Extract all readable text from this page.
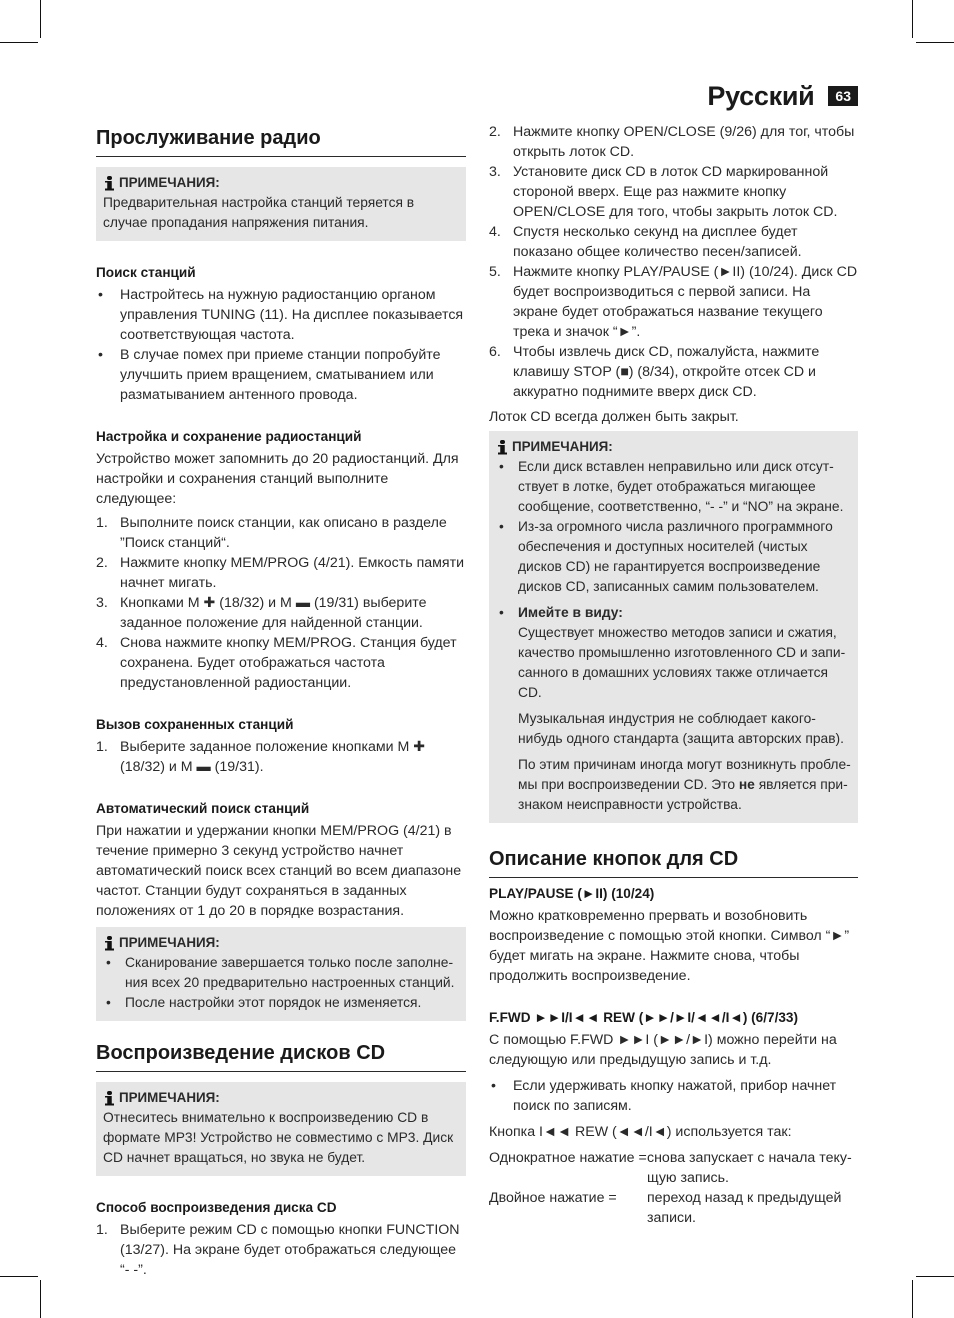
Русский	63
Прослуживание радио
ПРИМЕЧАНИЯ:

Предварительная настройка станций теряется в случае пропадания напряжения питания.

Поиск станций
• Настройтесь на нужную радиостанцию органом управления TUNING (11). На дисплее показывается соответствующая частота.
• В случае помех при приеме станции попробуйте улучшить прием вращением, сматыванием или разматыванием антенного провода.
Настройка и сохранение радиостанций

Устройство может запомнить до 20 радиостанций. Для настройки и сохранения станций выполните следующее:

1. Выполните поиск станции, как описано в разделе ”Поиск станций“.
2. Нажмите кнопку MEM/PROG (4/21). Емкость памяти начнет мигать.
3. Кнопками M ✚ (18/32) и M ▬ (19/31) выберите заданное положение для найденной станции.
4. Снова нажмите кнопку MEM/PROG. Станция будет сохранена. Будет отображаться частота предустановленной радиостанции.
Вызов сохраненных станций
1. Выберите заданное положение кнопками M ✚ (18/32) и M ▬ (19/31).
Автоматический поиск станций

При нажатии и удержании кнопки MEM/PROG (4/21) в течение примерно 3 секунд устройство начнет автоматический поиск всех станций во всем диапазоне частот. Станции будут сохраняться в заданных положениях от 1 до 20 в порядке возрастания.

ПРИМЕЧАНИЯ:
• Сканирование завершается только после заполнения всех 20 предварительно настроенных станций.
• После настройки этот порядок не изменяется.
Воспроизведение дисков CD
ПРИМЕЧАНИЯ:

Отнеситесь внимательно к воспроизведению CD в формате MP3! Устройство не совместимо с MP3. Диск CD начнет вращаться, но звука не будет.

Способ воспроизведения диска CD
1. Выберите режим CD с помощью кнопки FUNCTION (13/27). На экране будет отображаться следующее “- -”.
2. Нажмите кнопку OPEN/CLOSE (9/26) для тог, чтобы открыть лоток CD.
3. Установите диск CD в лоток CD маркированной стороной вверх. Еще раз нажмите кнопку OPEN/CLOSE для того, чтобы закрыть лоток CD.
4. Спустя несколько секунд на дисплее будет показано общее количество песен/записей.
5. Нажмите кнопку PLAY/PAUSE (►II) (10/24). Диск CD будет воспроизводиться с первой записи. На экране будет отображаться название текущего трека и значок “►”.
6. Чтобы извлечь диск CD, пожалуйста, нажмите клавишу STOP (■) (8/34), откройте отсек CD и аккуратно поднимите вверх диск CD.

Лоток CD всегда должен быть закрыт.

ПРИМЕЧАНИЯ:
• Если диск вставлен неправильно или диск отсутствует в лотке, будет отображаться мигающее сообщение, соответственно, “- -” и “NO” на экране.
• Из-за огромного числа различного программного обеспечения и доступных носителей (чистых дисков CD) не гарантируется воспроизведение дисков CD, записанных самим пользователем.
• Имейте в виду:
Существует множество методов записи и сжатия, качество промышленно изготовленного CD и записанного в домашних условиях также отличается CD.

Музыкальная индустрия не соблюдает какого-нибудь одного стандарта (защита авторских прав).

По этим причинам иногда могут возникнуть проблемы при воспроизведении CD. Это не является признаком неисправности устройства.

Описание кнопок для CD
PLAY/PAUSE (►II) (10/24)

Можно кратковременно прервать и возобновить воспроизведение с помощью этой кнопки. Символ “►” будет мигать на экране. Нажмите снова, чтобы продолжить воспроизведение.

F.FWD ►►I/I◄◄ REW (►►/►I/◄◄/I◄) (6/7/33)

С помощью F.FWD ►►I (►►/►I) можно перейти на следующую или предыдущую запись и т.д.

• Если удерживать кнопку нажатой, прибор начнет поиск по записям.

Кнопка I◄◄ REW (◄◄/I◄) используется так:

Однократное нажатие = снова запускает с начала текущую запись.
Двойное нажатие =	переход назад к предыдущей записи.
